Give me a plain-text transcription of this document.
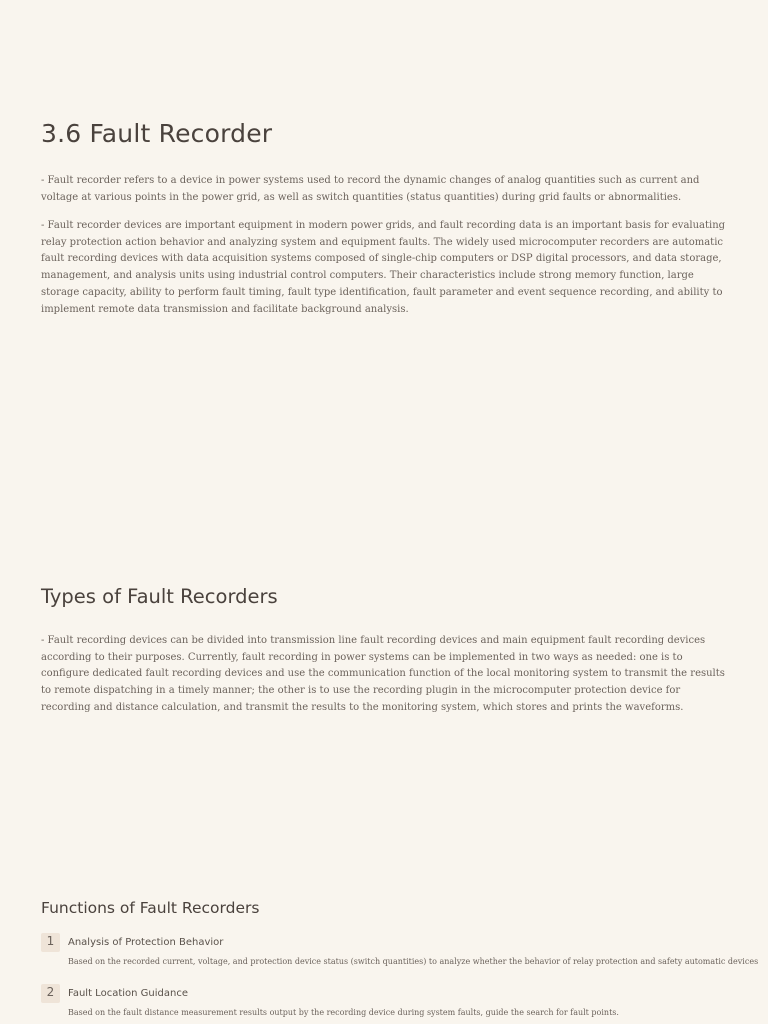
3.6 Fault Recorder

- Fault recorder refers to a device in power systems used to record the dynamic changes of analog quantities such as current and voltage at various points in the power grid, as well as switch quantities (status quantities) during grid faults or abnormalities.

- Fault recorder devices are important equipment in modern power grids, and fault recording data is an important basis for evaluating relay protection action behavior and analyzing system and equipment faults. The widely used microcomputer recorders are automatic fault recording devices with data acquisition systems composed of single-chip computers or DSP digital processors, and data storage, management, and analysis units using industrial control computers. Their characteristics include strong memory function, large storage capacity, ability to perform fault timing, fault type identification, fault parameter and event sequence recording, and ability to implement remote data transmission and facilitate background analysis.

Types of Fault Recorders

- Fault recording devices can be divided into transmission line fault recording devices and main equipment fault recording devices according to their purposes. Currently, fault recording in power systems can be implemented in two ways as needed: one is to configure dedicated fault recording devices and use the communication function of the local monitoring system to transmit the results to remote dispatching in a timely manner; the other is to use the recording plugin in the microcomputer protection device for recording and distance calculation, and transmit the results to the monitoring system, which stores and prints the waveforms.

Functions of Fault Recorders
1	Analysis of Protection Behavior
Based on the recorded current, voltage, and protection device status (switch quantities) to analyze whether the behavior of relay protection and safety automatic devices
2	Fault Location Guidance
Based on the fault distance measurement results output by the recording device during system faults, guide the search for fault points.
